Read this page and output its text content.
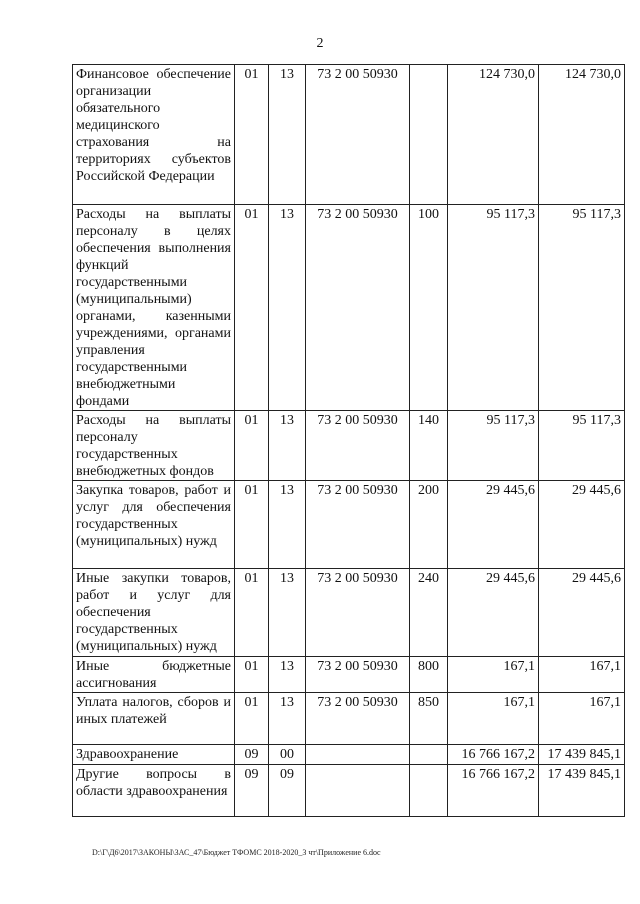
2
Финансовое обеспечение организации обязательного медицинского страхования на территориях субъектов Российской Федерации	01	13	73 2 00 50930		124 730,0	124 730,0
Расходы на выплаты персоналу в целях обеспечения выполнения функций государственными (муниципальными) органами, казенными учреждениями, органами управления государственными внебюджетными фондами	01	13	73 2 00 50930	100	95 117,3	95 117,3
Расходы на выплаты персоналу государственных внебюджетных фондов	01	13	73 2 00 50930	140	95 117,3	95 117,3
Закупка товаров, работ и услуг для обеспечения государственных (муниципальных) нужд	01	13	73 2 00 50930	200	29 445,6	29 445,6
Иные закупки товаров, работ и услуг для обеспечения государственных (муниципальных) нужд	01	13	73 2 00 50930	240	29 445,6	29 445,6
Иные бюджетные ассигнования	01	13	73 2 00 50930	800	167,1	167,1
Уплата налогов, сборов и иных платежей	01	13	73 2 00 50930	850	167,1	167,1
Здравоохранение	09	00			16 766 167,2	17 439 845,1
Другие вопросы в области здравоохранения	09	09			16 766 167,2	17 439 845,1
D:\Г\Д6\2017\ЗАКОНЫ\ЗАС_47\Бюджет ТФОМС 2018-2020_3 чт\Приложение 6.doc
